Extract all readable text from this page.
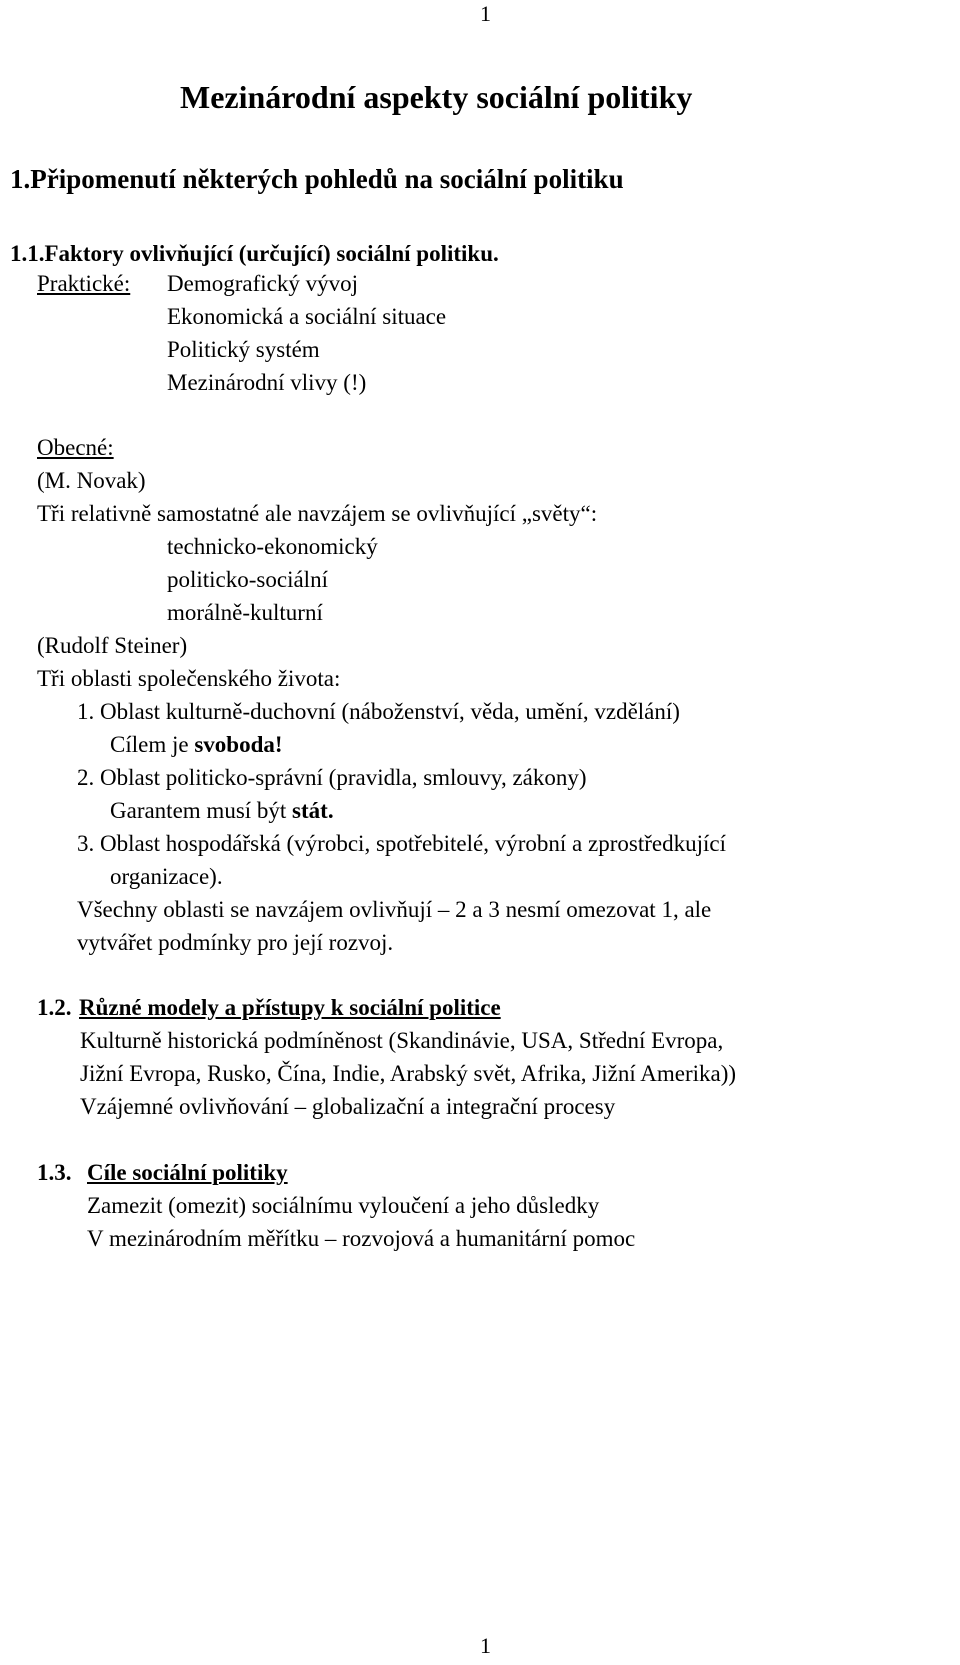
1
Mezinárodní aspekty sociální politiky
1.Připomenutí některých pohledů na sociální politiku
1.1.Faktory ovlivňující (určující) sociální politiku.
Praktické: Demografický vývoj
Ekonomická a sociální situace
Politický systém
Mezinárodní vlivy (!)
Obecné:
(M. Novak)
Tři relativně samostatné ale navzájem se ovlivňující „světy“:
technicko-ekonomický
politicko-sociální
morálně-kulturní
(Rudolf Steiner)
Tři oblasti společenského života:
1. Oblast kulturně-duchovní (náboženství, věda, umění, vzdělání)
Cílem je svoboda!
2. Oblast politicko-správní (pravidla, smlouvy, zákony)
Garantem musí být stát.
3. Oblast hospodářská (výrobci, spotřebitelé, výrobní a zprostředkující
organizace).
Všechny oblasti se navzájem ovlivňují – 2 a 3 nesmí omezovat 1, ale
vytvářet podmínky pro její rozvoj.
1.2. Různé modely a přístupy k sociální politice
Kulturně historická podmíněnost (Skandinávie, USA, Střední Evropa,
Jižní Evropa, Rusko, Čína, Indie, Arabský svět, Afrika, Jižní Amerika))
Vzájemné ovlivňování – globalizační a integrační procesy
1.3. Cíle sociální politiky
Zamezit (omezit) sociálnímu vyloučení a jeho důsledky
V mezinárodním měřítku – rozvojová a humanitární pomoc
1
